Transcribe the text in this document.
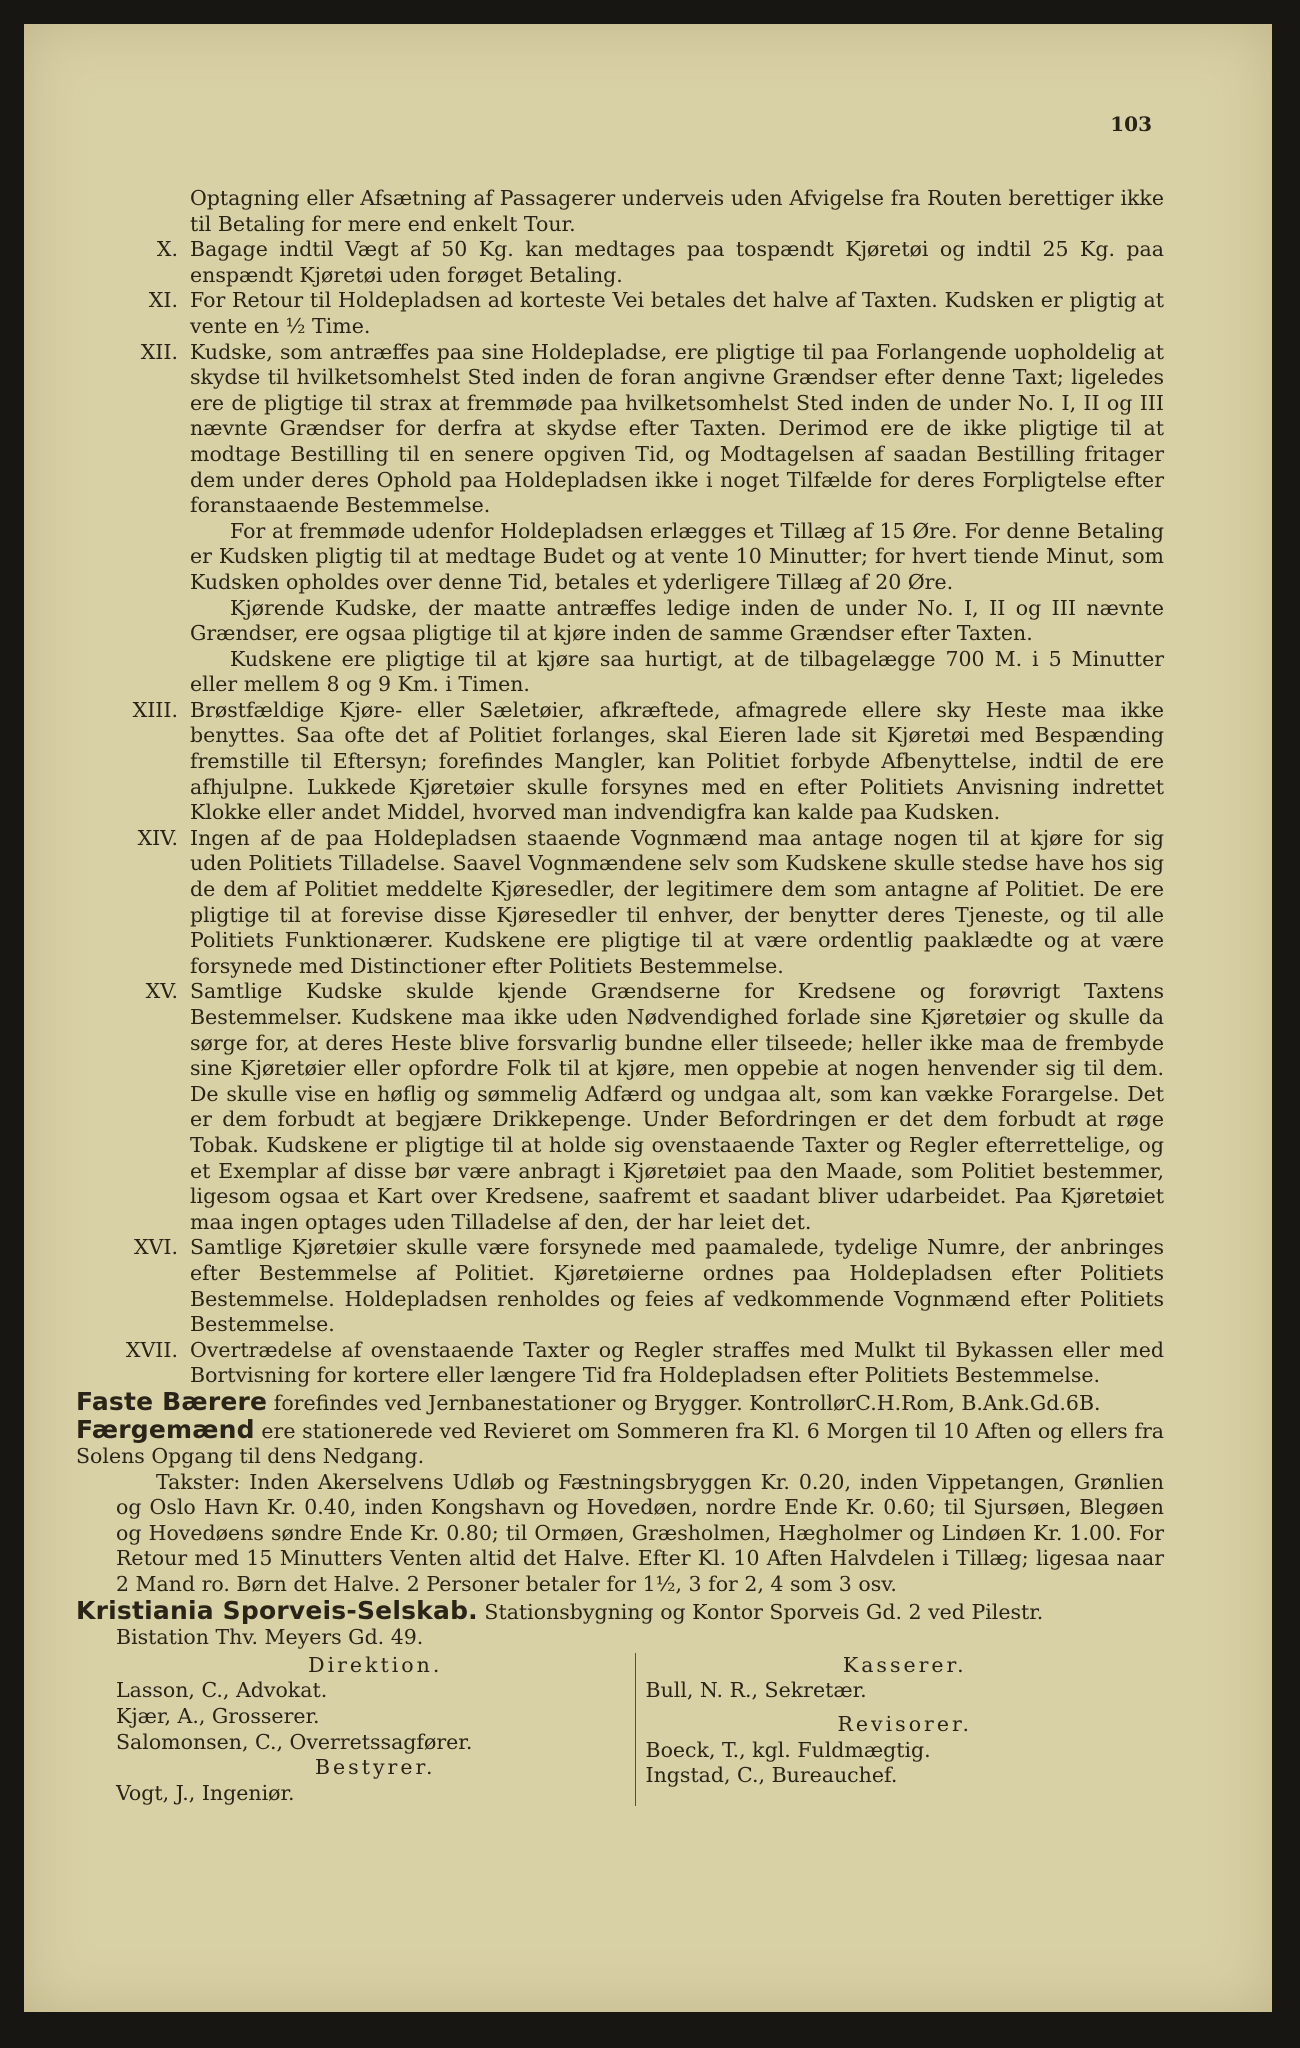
103
Optagning eller Afsætning af Passagerer underveis uden Afvigelse fra Routen berettiger ikke til Betaling for mere end enkelt Tour.
X. Bagage indtil Vægt af 50 Kg. kan medtages paa tospændt Kjøretøi og indtil 25 Kg. paa enspændt Kjøretøi uden forøget Betaling.
XI. For Retour til Holdepladsen ad korteste Vei betales det halve af Taxten. Kudsken er pligtig at vente en ½ Time.
XII. Kudske, som antræffes paa sine Holdepladse, ere pligtige til paa Forlangende uopholdelig at skydse til hvilketsomhelst Sted inden de foran angivne Grændser efter denne Taxt; ligeledes ere de pligtige til strax at fremmøde paa hvilketsomhelst Sted inden de under No. I, II og III nævnte Grændser for derfra at skydse efter Taxten. Derimod ere de ikke pligtige til at modtage Bestilling til en senere opgiven Tid, og Modtagelsen af saadan Bestilling fritager dem under deres Ophold paa Holdepladsen ikke i noget Tilfælde for deres Forpligtelse efter foranstaaende Bestemmelse.
For at fremmøde udenfor Holdepladsen erlægges et Tillæg af 15 Øre. For denne Betaling er Kudsken pligtig til at medtage Budet og at vente 10 Minutter; for hvert tiende Minut, som Kudsken opholdes over denne Tid, betales et yderligere Tillæg af 20 Øre.
Kjørende Kudske, der maatte antræffes ledige inden de under No. I, II og III nævnte Grændser, ere ogsaa pligtige til at kjøre inden de samme Grændser efter Taxten.
Kudskene ere pligtige til at kjøre saa hurtigt, at de tilbagelægge 700 M. i 5 Minutter eller mellem 8 og 9 Km. i Timen.
XIII. Brøstfældige Kjøre- eller Sæletøier, afkræftede, afmagrede ellere sky Heste maa ikke benyttes. Saa ofte det af Politiet forlanges, skal Eieren lade sit Kjøretøi med Bespænding fremstille til Eftersyn; forefindes Mangler, kan Politiet forbyde Afbenyttelse, indtil de ere afhjulpne. Lukkede Kjøretøier skulle forsynes med en efter Politiets Anvisning indrettet Klokke eller andet Middel, hvorved man indvendigfra kan kalde paa Kudsken.
XIV. Ingen af de paa Holdepladsen staaende Vognmænd maa antage nogen til at kjøre for sig uden Politiets Tilladelse. Saavel Vognmændene selv som Kudskene skulle stedse have hos sig de dem af Politiet meddelte Kjøresedler, der legitimere dem som antagne af Politiet. De ere pligtige til at forevise disse Kjøresedler til enhver, der benytter deres Tjeneste, og til alle Politiets Funktionærer. Kudskene ere pligtige til at være ordentlig paaklædte og at være forsynede med Distinctioner efter Politiets Bestemmelse.
XV. Samtlige Kudske skulde kjende Grændserne for Kredsene og forøvrigt Taxtens Bestemmelser. Kudskene maa ikke uden Nødvendighed forlade sine Kjøretøier og skulle da sørge for, at deres Heste blive forsvarlig bundne eller tilseede; heller ikke maa de frembyde sine Kjøretøier eller opfordre Folk til at kjøre, men oppebie at nogen henvender sig til dem. De skulle vise en høflig og sømmelig Adfærd og undgaa alt, som kan vække Forargelse. Det er dem forbudt at begjære Drikkepenge. Under Befordringen er det dem forbudt at røge Tobak. Kudskene er pligtige til at holde sig ovenstaaende Taxter og Regler efterrettelige, og et Exemplar af disse bør være anbragt i Kjøretøiet paa den Maade, som Politiet bestemmer, ligesom ogsaa et Kart over Kredsene, saafremt et saadant bliver udarbeidet. Paa Kjøretøiet maa ingen optages uden Tilladelse af den, der har leiet det.
XVI. Samtlige Kjøretøier skulle være forsynede med paamalede, tydelige Numre, der anbringes efter Bestemmelse af Politiet. Kjøretøierne ordnes paa Holdepladsen efter Politiets Bestemmelse. Holdepladsen renholdes og feies af vedkommende Vognmænd efter Politiets Bestemmelse.
XVII. Overtrædelse af ovenstaaende Taxter og Regler straffes med Mulkt til Bykassen eller med Bortvisning for kortere eller længere Tid fra Holdepladsen efter Politiets Bestemmelse.
Faste Bærere forefindes ved Jernbanestationer og Brygger. KontrollørC.H.Rom, B.Ank.Gd.6B.
Færgemænd ere stationerede ved Revieret om Sommeren fra Kl. 6 Morgen til 10 Aften og ellers fra Solens Opgang til dens Nedgang.
Takster: Inden Akerselvens Udløb og Fæstningsbryggen Kr. 0.20, inden Vippetangen, Grønlien og Oslo Havn Kr. 0.40, inden Kongshavn og Hovedøen, nordre Ende Kr. 0.60; til Sjursøen, Blegøen og Hovedøens søndre Ende Kr. 0.80; til Ormøen, Græsholmen, Hægholmer og Lindøen Kr. 1.00. For Retour med 15 Minutters Venten altid det Halve. Efter Kl. 10 Aften Halvdelen i Tillæg; ligesaa naar 2 Mand ro. Børn det Halve. 2 Personer betaler for 1½, 3 for 2, 4 som 3 osv.
Kristiania Sporveis-Selskab. Stationsbygning og Kontor Sporveis Gd. 2 ved Pilestr.
Bistation Thv. Meyers Gd. 49.
Direktion.
Lasson, C., Advokat.
Kjær, A., Grosserer.
Salomonsen, C., Overretssagfører.
Bestyrer.
Vogt, J., Ingeniør.
Kasserer.
Bull, N. R., Sekretær.
Revisorer.
Boeck, T., kgl. Fuldmægtig.
Ingstad, C., Bureauchef.
